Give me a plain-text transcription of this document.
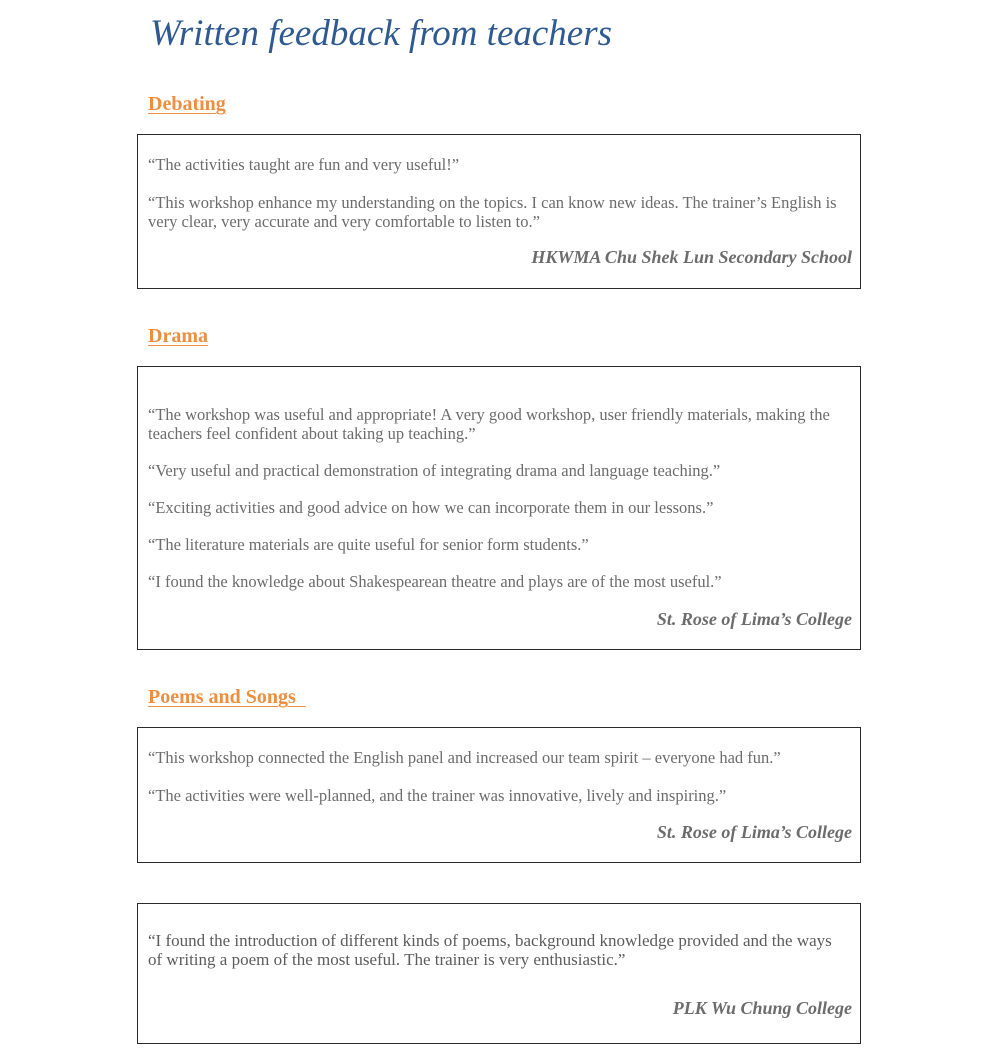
Written feedback from teachers
Debating

“The activities taught are fun and very useful!”

“This workshop enhance my understanding on the topics. I can know new ideas. The trainer’s English is very clear, very accurate and very comfortable to listen to.”

HKWMA Chu Shek Lun Secondary School

Drama

“The workshop was useful and appropriate! A very good workshop, user friendly materials, making the teachers feel confident about taking up teaching.”

“Very useful and practical demonstration of integrating drama and language teaching.”

“Exciting activities and good advice on how we can incorporate them in our lessons.”

“The literature materials are quite useful for senior form students.”

“I found the knowledge about Shakespearean theatre and plays are of the most useful.”

St. Rose of Lima’s College

Poems and Songs

“This workshop connected the English panel and increased our team spirit – everyone had fun.”

“The activities were well-planned, and the trainer was innovative, lively and inspiring.”

St. Rose of Lima’s College

“I found the introduction of different kinds of poems, background knowledge provided and the ways of writing a poem of the most useful. The trainer is very enthusiastic.”

PLK Wu Chung College
